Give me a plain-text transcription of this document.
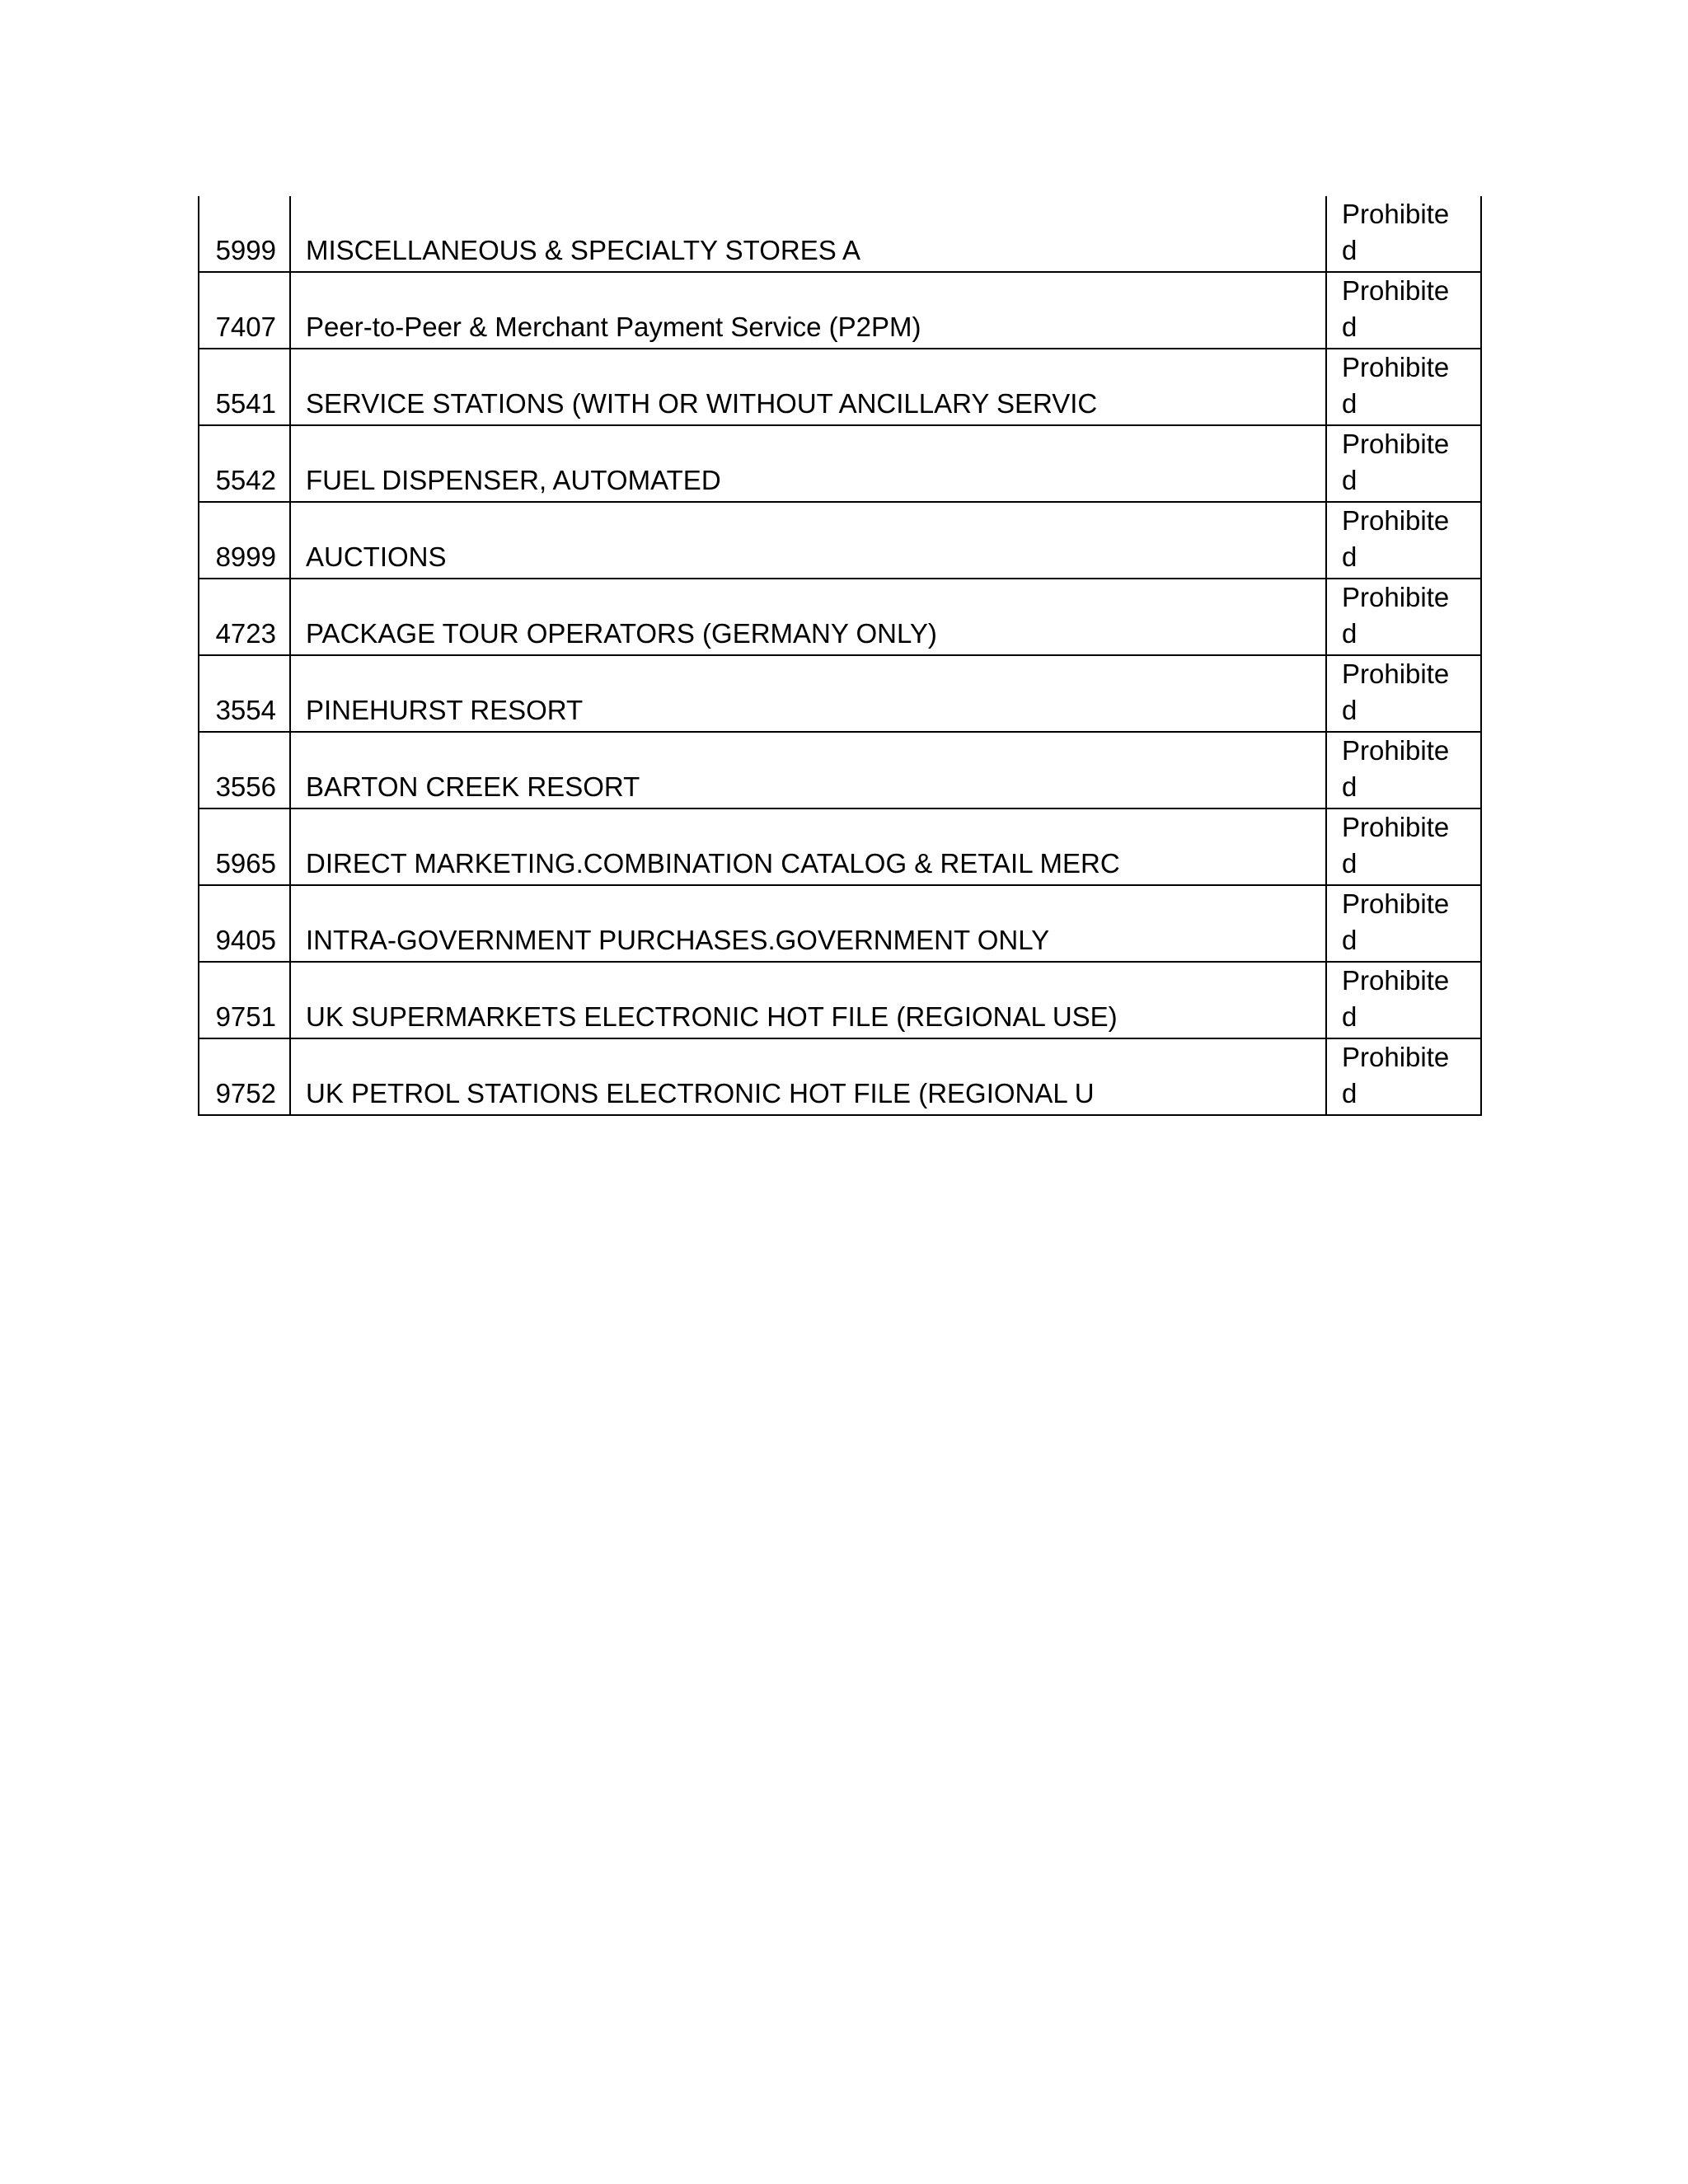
5999	MISCELLANEOUS & SPECIALTY STORES A	Prohibited

7407	Peer-to-Peer & Merchant Payment Service (P2PM)	Prohibited

5541	SERVICE STATIONS (WITH OR WITHOUT ANCILLARY SERVIC	Prohibited

5542	FUEL DISPENSER, AUTOMATED	Prohibited

8999	AUCTIONS	Prohibited

4723	PACKAGE TOUR OPERATORS (GERMANY ONLY)	Prohibited

3554	PINEHURST RESORT	Prohibited

3556	BARTON CREEK RESORT	Prohibited

5965	DIRECT MARKETING.COMBINATION CATALOG & RETAIL MERC	Prohibited

9405	INTRA-GOVERNMENT PURCHASES.GOVERNMENT ONLY	Prohibited

9751	UK SUPERMARKETS ELECTRONIC HOT FILE (REGIONAL USE)	Prohibited

9752	UK PETROL STATIONS ELECTRONIC HOT FILE (REGIONAL U	Prohibited
